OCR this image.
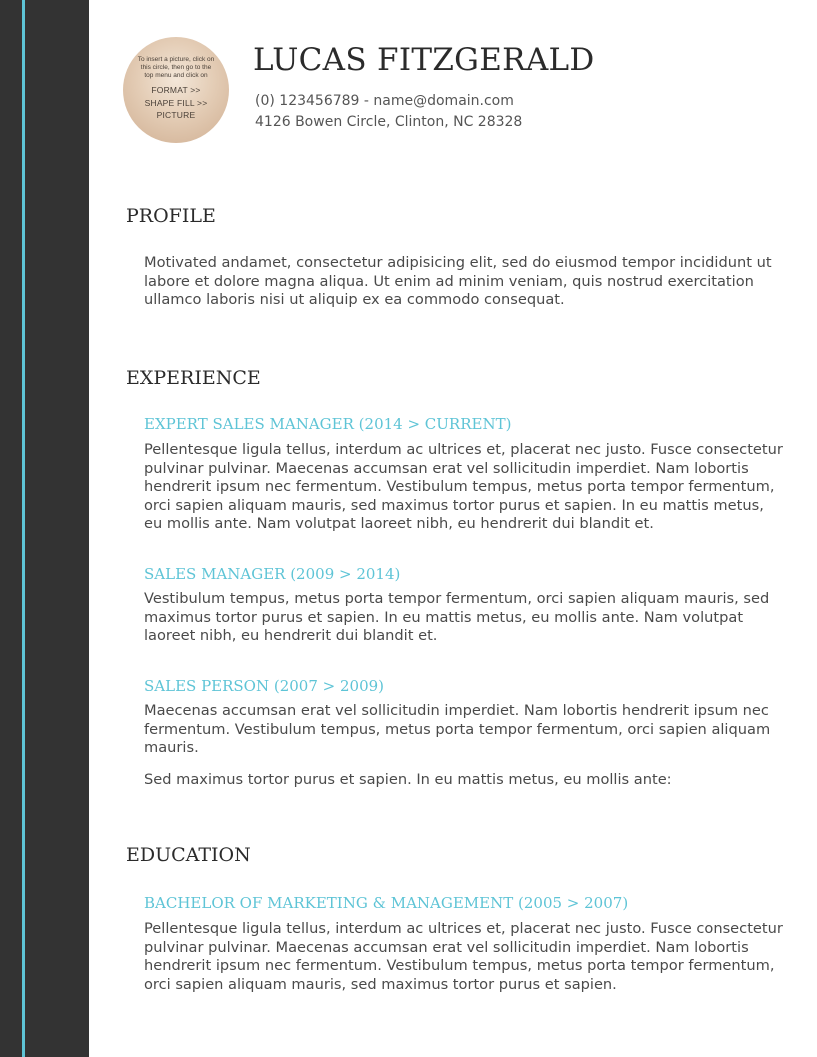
To insert a picture, click on this circle, then go to the top menu and click on
FORMAT >>
SHAPE FILL >>
PICTURE
LUCAS FITZGERALD
(0) 123456789 - name@domain.com
4126 Bowen Circle, Clinton, NC 28328
PROFILE

Motivated andamet, consectetur adipisicing elit, sed do eiusmod tempor incididunt ut labore et dolore magna aliqua. Ut enim ad minim veniam, quis nostrud exercitation ullamco laboris nisi ut aliquip ex ea commodo consequat.

EXPERIENCE
EXPERT SALES MANAGER (2014 > CURRENT)

Pellentesque ligula tellus, interdum ac ultrices et, placerat nec justo. Fusce consectetur pulvinar pulvinar. Maecenas accumsan erat vel sollicitudin imperdiet. Nam lobortis hendrerit ipsum nec fermentum. Vestibulum tempus, metus porta tempor fermentum, orci sapien aliquam mauris, sed maximus tortor purus et sapien. In eu mattis metus, eu mollis ante. Nam volutpat laoreet nibh, eu hendrerit dui blandit et.

SALES MANAGER (2009 > 2014)

Vestibulum tempus, metus porta tempor fermentum, orci sapien aliquam mauris, sed maximus tortor purus et sapien. In eu mattis metus, eu mollis ante. Nam volutpat laoreet nibh, eu hendrerit dui blandit et.

SALES PERSON (2007 > 2009)

Maecenas accumsan erat vel sollicitudin imperdiet. Nam lobortis hendrerit ipsum nec fermentum. Vestibulum tempus, metus porta tempor fermentum, orci sapien aliquam mauris.

Sed maximus tortor purus et sapien. In eu mattis metus, eu mollis ante:

EDUCATION
BACHELOR OF MARKETING & MANAGEMENT (2005 > 2007)

Pellentesque ligula tellus, interdum ac ultrices et, placerat nec justo. Fusce consectetur pulvinar pulvinar. Maecenas accumsan erat vel sollicitudin imperdiet. Nam lobortis hendrerit ipsum nec fermentum. Vestibulum tempus, metus porta tempor fermentum, orci sapien aliquam mauris, sed maximus tortor purus et sapien.
